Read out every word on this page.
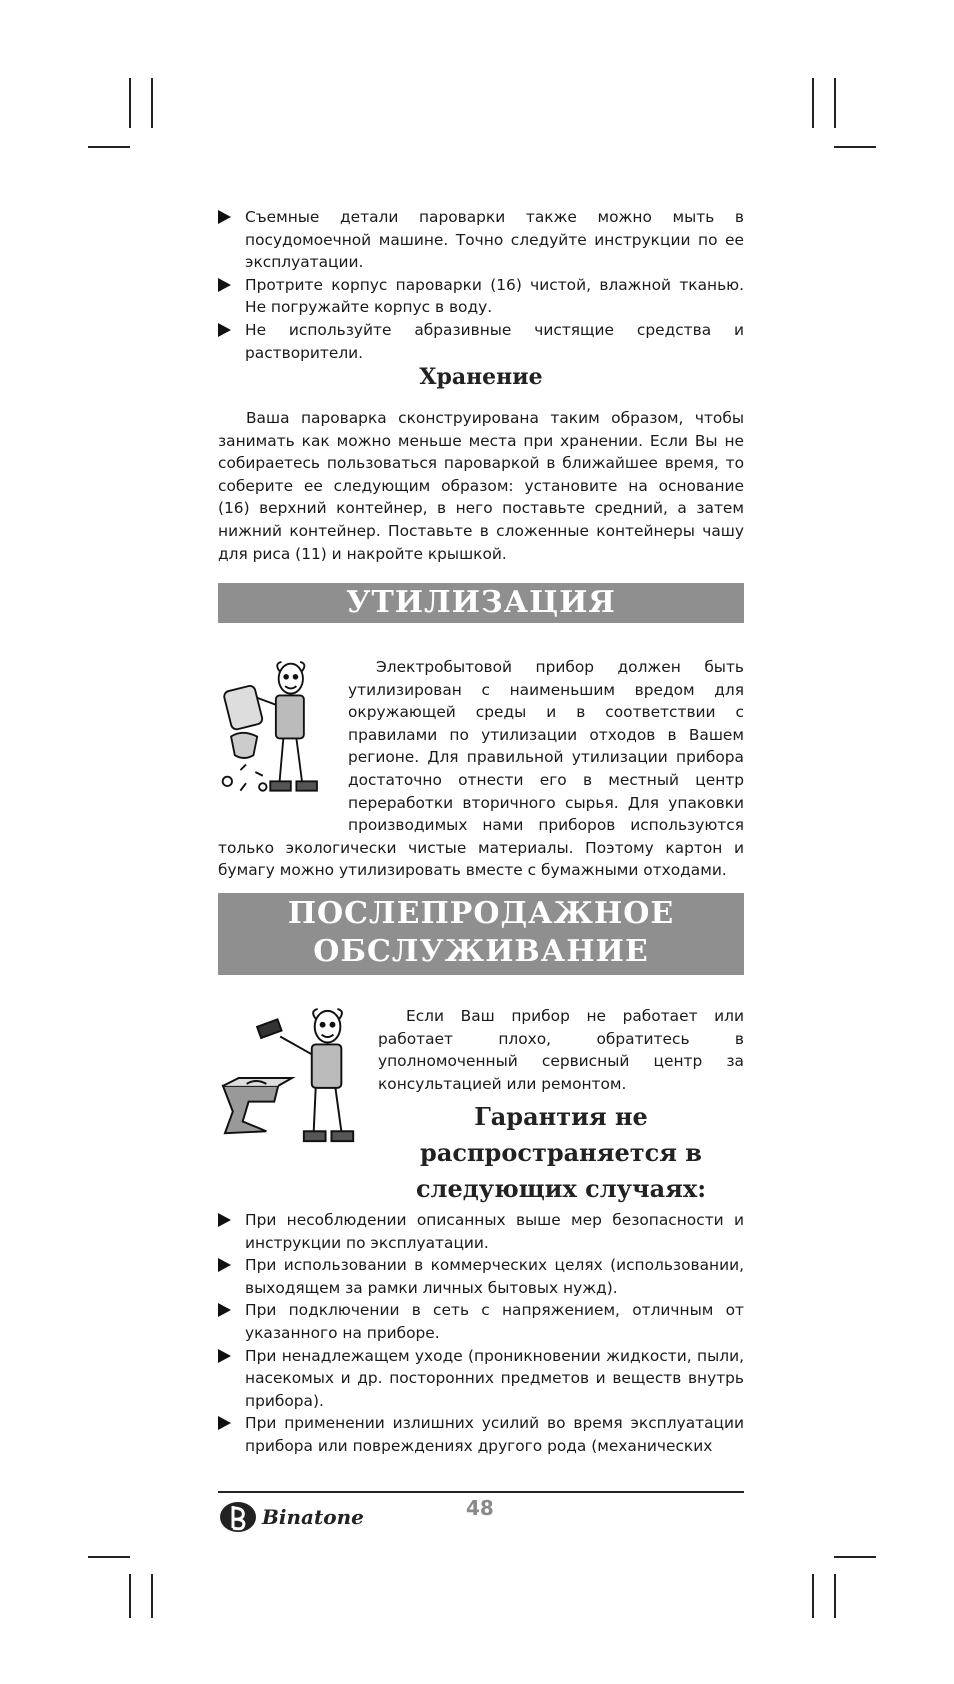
Съемные детали пароварки также можно мыть в посудомоечной машине. Точно следуйте инструкции по ее эксплуатации.
Протрите корпус пароварки (16) чистой, влажной тканью. Не погружайте корпус в воду.
Не используйте абразивные чистящие средства и растворители.
Хранение

Ваша пароварка сконструирована таким образом, чтобы занимать как можно меньше места при хранении. Если Вы не собираетесь пользоваться пароваркой в ближайшее время, то соберите ее следующим образом: установите на основание (16) верхний контейнер, в него поставьте средний, а затем нижний контейнер. Поставьте в сложенные контейнеры чашу для риса (11) и накройте крышкой.

УТИЛИЗАЦИЯ
Электробытовой прибор должен быть утилизирован с наименьшим вредом для окружающей среды и в соответствии с правилами по утилизации отходов в Вашем регионе. Для правильной утилизации прибора достаточно отнести его в местный центр переработки вторичного сырья. Для упаковки производимых нами приборов используются только экологически чистые материалы. Поэтому картон и бумагу можно утилизировать вместе с бумажными отходами.
ПОСЛЕПРОДАЖНОЕ
ОБСЛУЖИВАНИЕ
Если Ваш прибор не работает или работает плохо, обратитесь в уполномоченный сервисный центр за консультацией или ремонтом.
Гарантия не
распространяется в
следующих случаях:
При несоблюдении описанных выше мер безопасности и инструкции по эксплуатации.
При использовании в коммерческих целях (использовании, выходящем за рамки личных бытовых нужд).
При подключении в сеть с напряжением, отличным от указанного на приборе.
При ненадлежащем уходе (проникновении жидкости, пыли, насекомых и др. посторонних предметов и веществ внутрь прибора).
При применении излишних усилий во время эксплуатации прибора или повреждениях другого рода (механических
Binatone	48
